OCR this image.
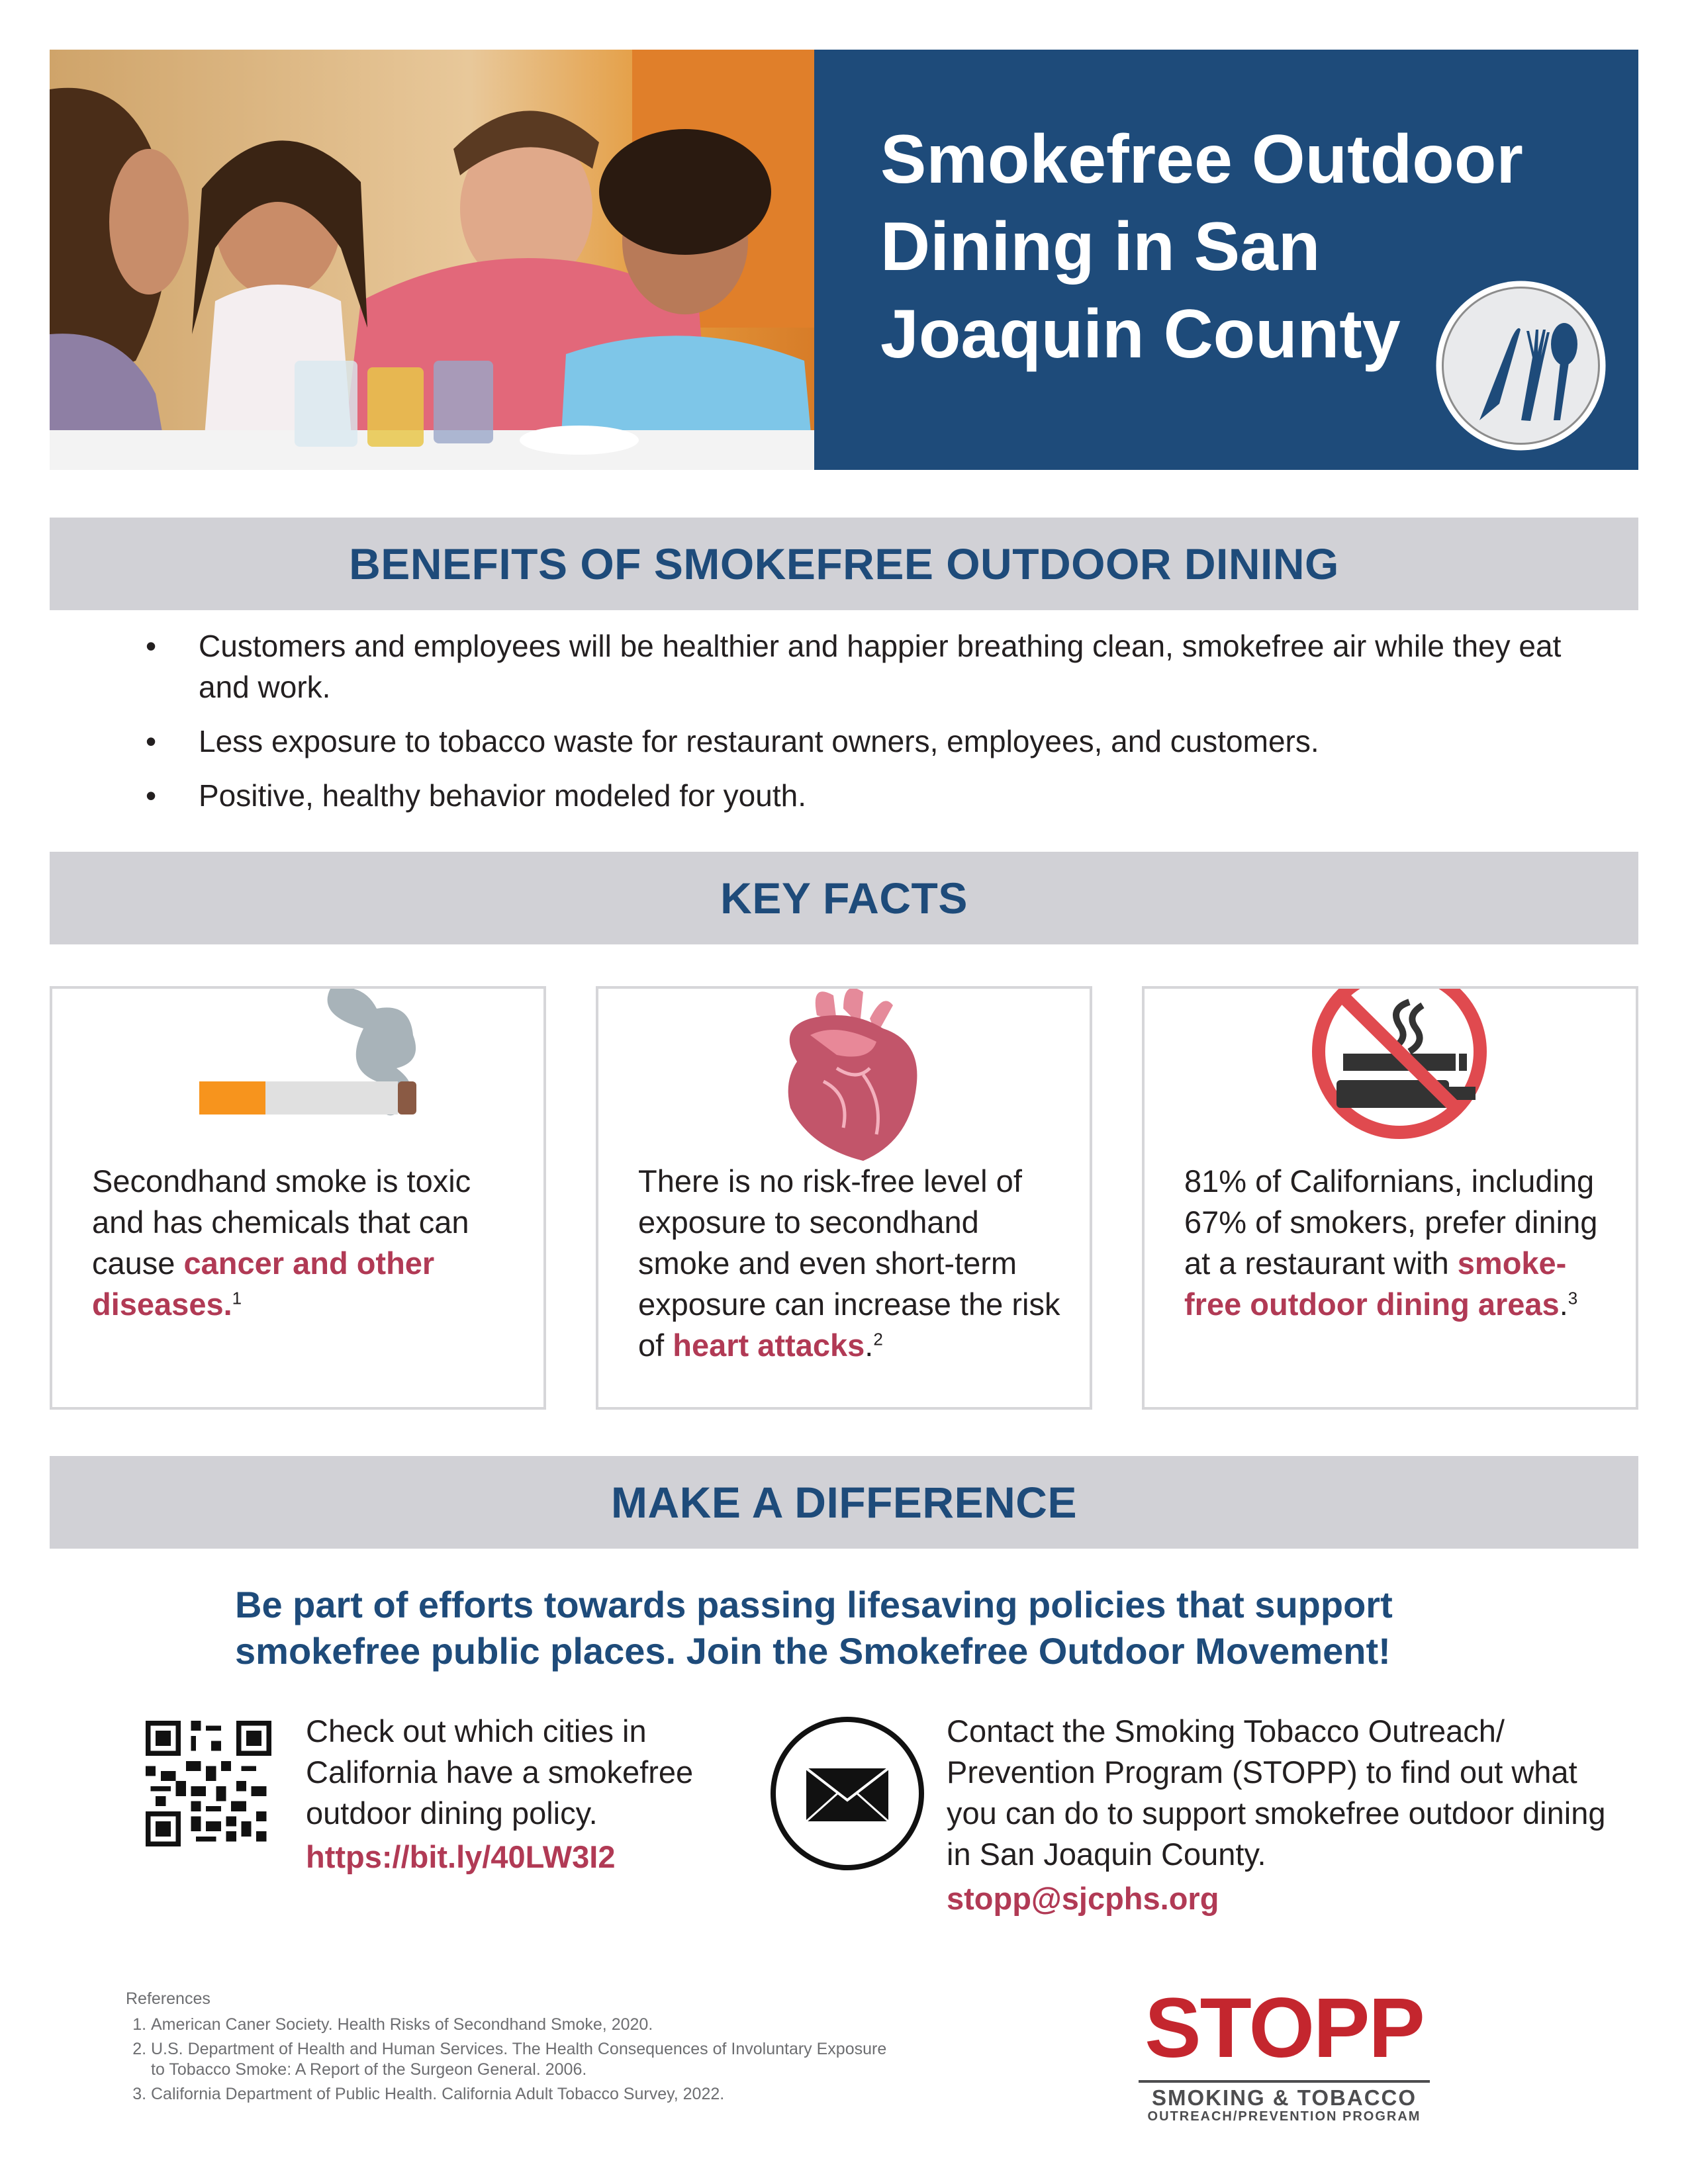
Smokefree Outdoor
Dining in San
Joaquin County
BENEFITS OF SMOKEFREE OUTDOOR DINING
• Customers and employees will be healthier and happier breathing clean, smokefree air while they eat and work.
• Less exposure to tobacco waste for restaurant owners, employees, and customers.
• Positive, healthy behavior modeled for youth.
KEY FACTS

Secondhand smoke is toxic and has chemicals that can cause cancer and other diseases.$^1$

There is no risk-free level of exposure to secondhand smoke and even short-term exposure can increase the risk of heart attacks.$^2$

81% of Californians, including 67% of smokers, prefer dining at a restaurant with smoke-free outdoor dining areas.$^3$

MAKE A DIFFERENCE

Be part of efforts towards passing lifesaving policies that support
smokefree public places. Join the Smokefree Outdoor Movement!

Check out which cities in California have a smokefree outdoor dining policy.

https://bit.ly/40LW3I2

Contact the Smoking Tobacco Outreach/ Prevention Program (STOPP) to find out what you can do to support smokefree outdoor dining in San Joaquin County.

stopp@sjcphs.org

References

1. American Caner Society. Health Risks of Secondhand Smoke, 2020.
2. U.S. Department of Health and Human Services. The Health Consequences of Involuntary Exposure to Tobacco Smoke: A Report of the Surgeon General. 2006.
3. California Department of Public Health. California Adult Tobacco Survey, 2022.
STOPP
SMOKING & TOBACCO
OUTREACH/PREVENTION PROGRAM
